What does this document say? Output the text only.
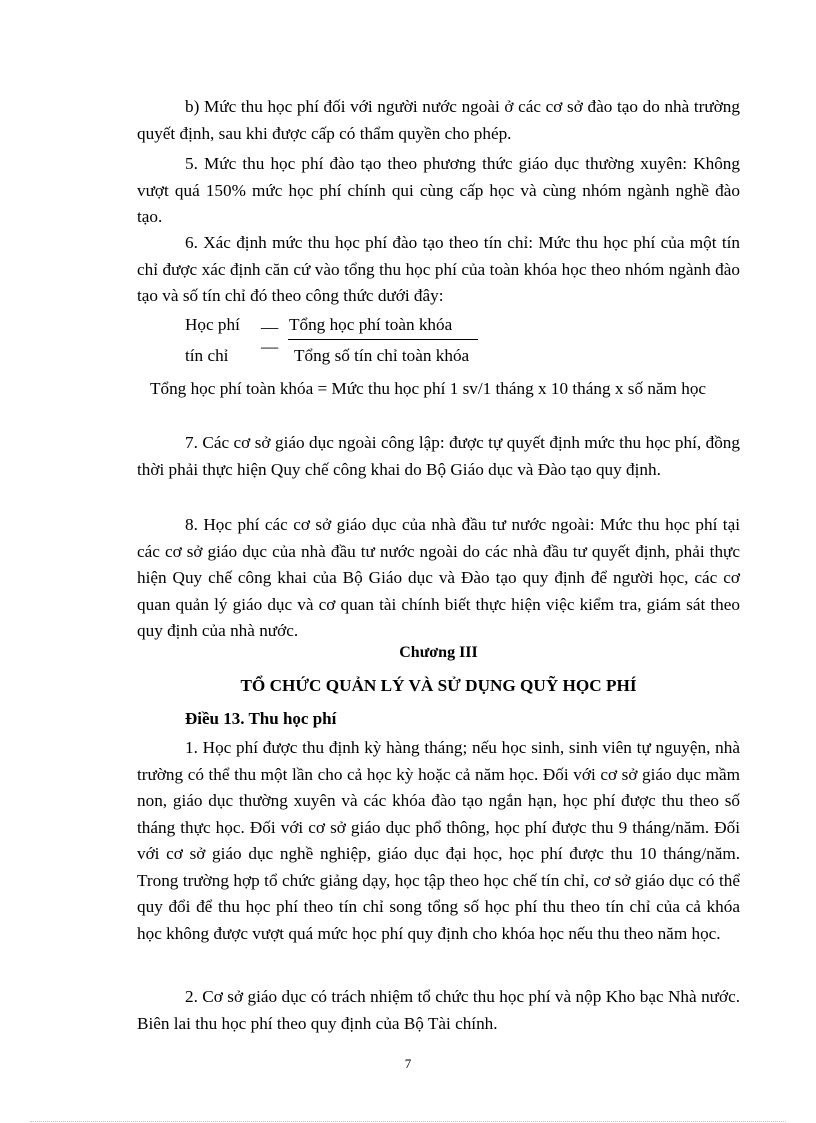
b) Mức thu học phí đối với người nước ngoài ở các cơ sở đào tạo do nhà trường quyết định, sau khi được cấp có thẩm quyền cho phép.

5. Mức thu học phí đào tạo theo phương thức giáo dục thường xuyên: Không vượt quá 150% mức học phí chính qui cùng cấp học và cùng nhóm ngành nghề đào tạo.

6. Xác định mức thu học phí đào tạo theo tín chỉ: Mức thu học phí của một tín chỉ được xác định căn cứ vào tổng thu học phí của toàn khóa học theo nhóm ngành đào tạo và số tín chỉ đó theo công thức dưới đây:

Học phí
tín chỉ
__
—
Tổng học phí toàn khóa
Tổng số tín chỉ toàn khóa

Tổng học phí toàn khóa = Mức thu học phí 1 sv/1 tháng x 10 tháng x số năm học

7. Các cơ sở giáo dục ngoài công lập: được tự quyết định mức thu học phí, đồng thời phải thực hiện Quy chế công khai do Bộ Giáo dục và Đào tạo quy định.

8. Học phí các cơ sở giáo dục của nhà đầu tư nước ngoài: Mức thu học phí tại các cơ sở giáo dục của nhà đầu tư nước ngoài do các nhà đầu tư quyết định, phải thực hiện Quy chế công khai của Bộ Giáo dục và Đào tạo quy định để người học, các cơ quan quản lý giáo dục và cơ quan tài chính biết thực hiện việc kiểm tra, giám sát theo quy định của nhà nước.

Chương III
TỔ CHỨC QUẢN LÝ VÀ SỬ DỤNG QUỸ HỌC PHÍ
Điều 13. Thu học phí

1. Học phí được thu định kỳ hàng tháng; nếu học sinh, sinh viên tự nguyện, nhà trường có thể thu một lần cho cả học kỳ hoặc cả năm học. Đối với cơ sở giáo dục mầm non, giáo dục thường xuyên và các khóa đào tạo ngắn hạn, học phí được thu theo số tháng thực học. Đối với cơ sở giáo dục phổ thông, học phí được thu 9 tháng/năm. Đối với cơ sở giáo dục nghề nghiệp, giáo dục đại học, học phí được thu 10 tháng/năm. Trong trường hợp tổ chức giảng dạy, học tập theo học chế tín chỉ, cơ sở giáo dục có thể quy đổi để thu học phí theo tín chỉ song tổng số học phí thu theo tín chỉ của cả khóa học không được vượt quá mức học phí quy định cho khóa học nếu thu theo năm học.

2. Cơ sở giáo dục có trách nhiệm tổ chức thu học phí và nộp Kho bạc Nhà nước. Biên lai thu học phí theo quy định của Bộ Tài chính.

7
